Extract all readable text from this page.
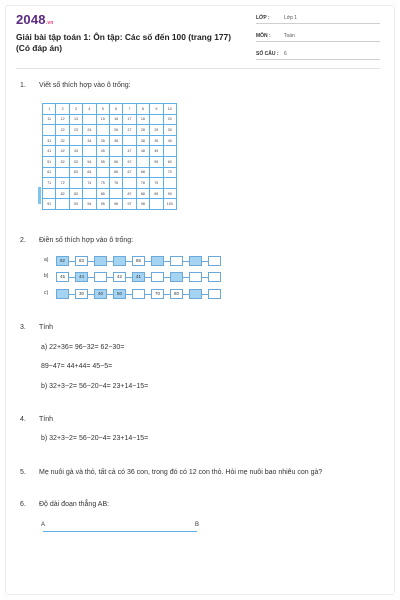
2048.vn
Giải bài tập toán 1: Ôn tập: Các số đến 100 (trang 177) (Có đáp án)
LỚP :	Lớp 1
MÔN :	Toán
SỐ CÂU :	6
1. Viết số thích hợp vào ô trống:
1	2	3	4	5	6	7	8	9	10
11	12	13		15	16	17	18		20
	22	23	24		26	27	28	29	30
31	32		34	35	36		38	39	40
41	42	43		45		47	48	49	
51	52	53	54	55	56	57		59	60
61		63	64		66	67	68		70
71	72		74	75	76		78	79	
	82	83		85		87	88	89	90
91		93	94	95	96	97	98		100
2. Điền số thích hợp vào ô trống:
a)	82	83	86
b)	45	44	42	41
c)	30	40	50	70	80
3. Tính
a) 22+36= 96−32= 62−30=
89−47= 44+44= 45−5=
b) 32+3−2= 56−20−4= 23+14−15=
4. Tính
b) 32+3−2= 56−20−4= 23+14−15=
5. Mẹ nuôi gà và thỏ, tất cả có 36 con, trong đó có 12 con thỏ. Hỏi mẹ nuôi bao nhiêu con gà?
6. Độ dài đoạn thẳng AB:
A	B
